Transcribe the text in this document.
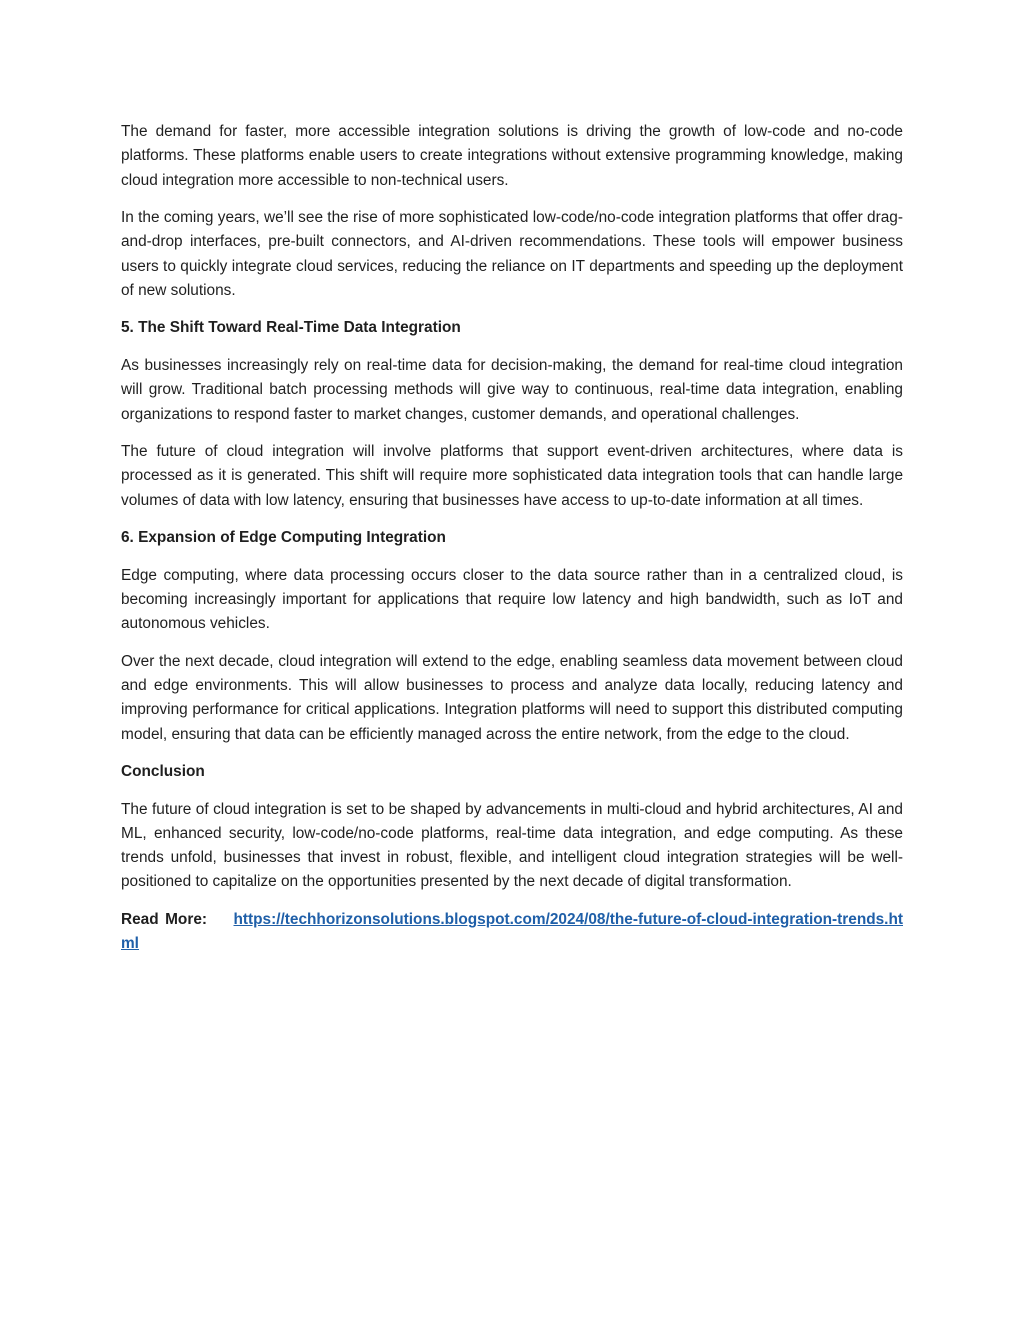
The demand for faster, more accessible integration solutions is driving the growth of low-code and no-code platforms. These platforms enable users to create integrations without extensive programming knowledge, making cloud integration more accessible to non-technical users.

In the coming years, we’ll see the rise of more sophisticated low-code/no-code integration platforms that offer drag-and-drop interfaces, pre-built connectors, and AI-driven recommendations. These tools will empower business users to quickly integrate cloud services, reducing the reliance on IT departments and speeding up the deployment of new solutions.

5. The Shift Toward Real-Time Data Integration

As businesses increasingly rely on real-time data for decision-making, the demand for real-time cloud integration will grow. Traditional batch processing methods will give way to continuous, real-time data integration, enabling organizations to respond faster to market changes, customer demands, and operational challenges.

The future of cloud integration will involve platforms that support event-driven architectures, where data is processed as it is generated. This shift will require more sophisticated data integration tools that can handle large volumes of data with low latency, ensuring that businesses have access to up-to-date information at all times.

6. Expansion of Edge Computing Integration

Edge computing, where data processing occurs closer to the data source rather than in a centralized cloud, is becoming increasingly important for applications that require low latency and high bandwidth, such as IoT and autonomous vehicles.

Over the next decade, cloud integration will extend to the edge, enabling seamless data movement between cloud and edge environments. This will allow businesses to process and analyze data locally, reducing latency and improving performance for critical applications. Integration platforms will need to support this distributed computing model, ensuring that data can be efficiently managed across the entire network, from the edge to the cloud.

Conclusion

The future of cloud integration is set to be shaped by advancements in multi-cloud and hybrid architectures, AI and ML, enhanced security, low-code/no-code platforms, real-time data integration, and edge computing. As these trends unfold, businesses that invest in robust, flexible, and intelligent cloud integration strategies will be well-positioned to capitalize on the opportunities presented by the next decade of digital transformation.

Read More: https://techhorizonsolutions.blogspot.com/2024/08/the-future-of-cloud-integration-trends.html
